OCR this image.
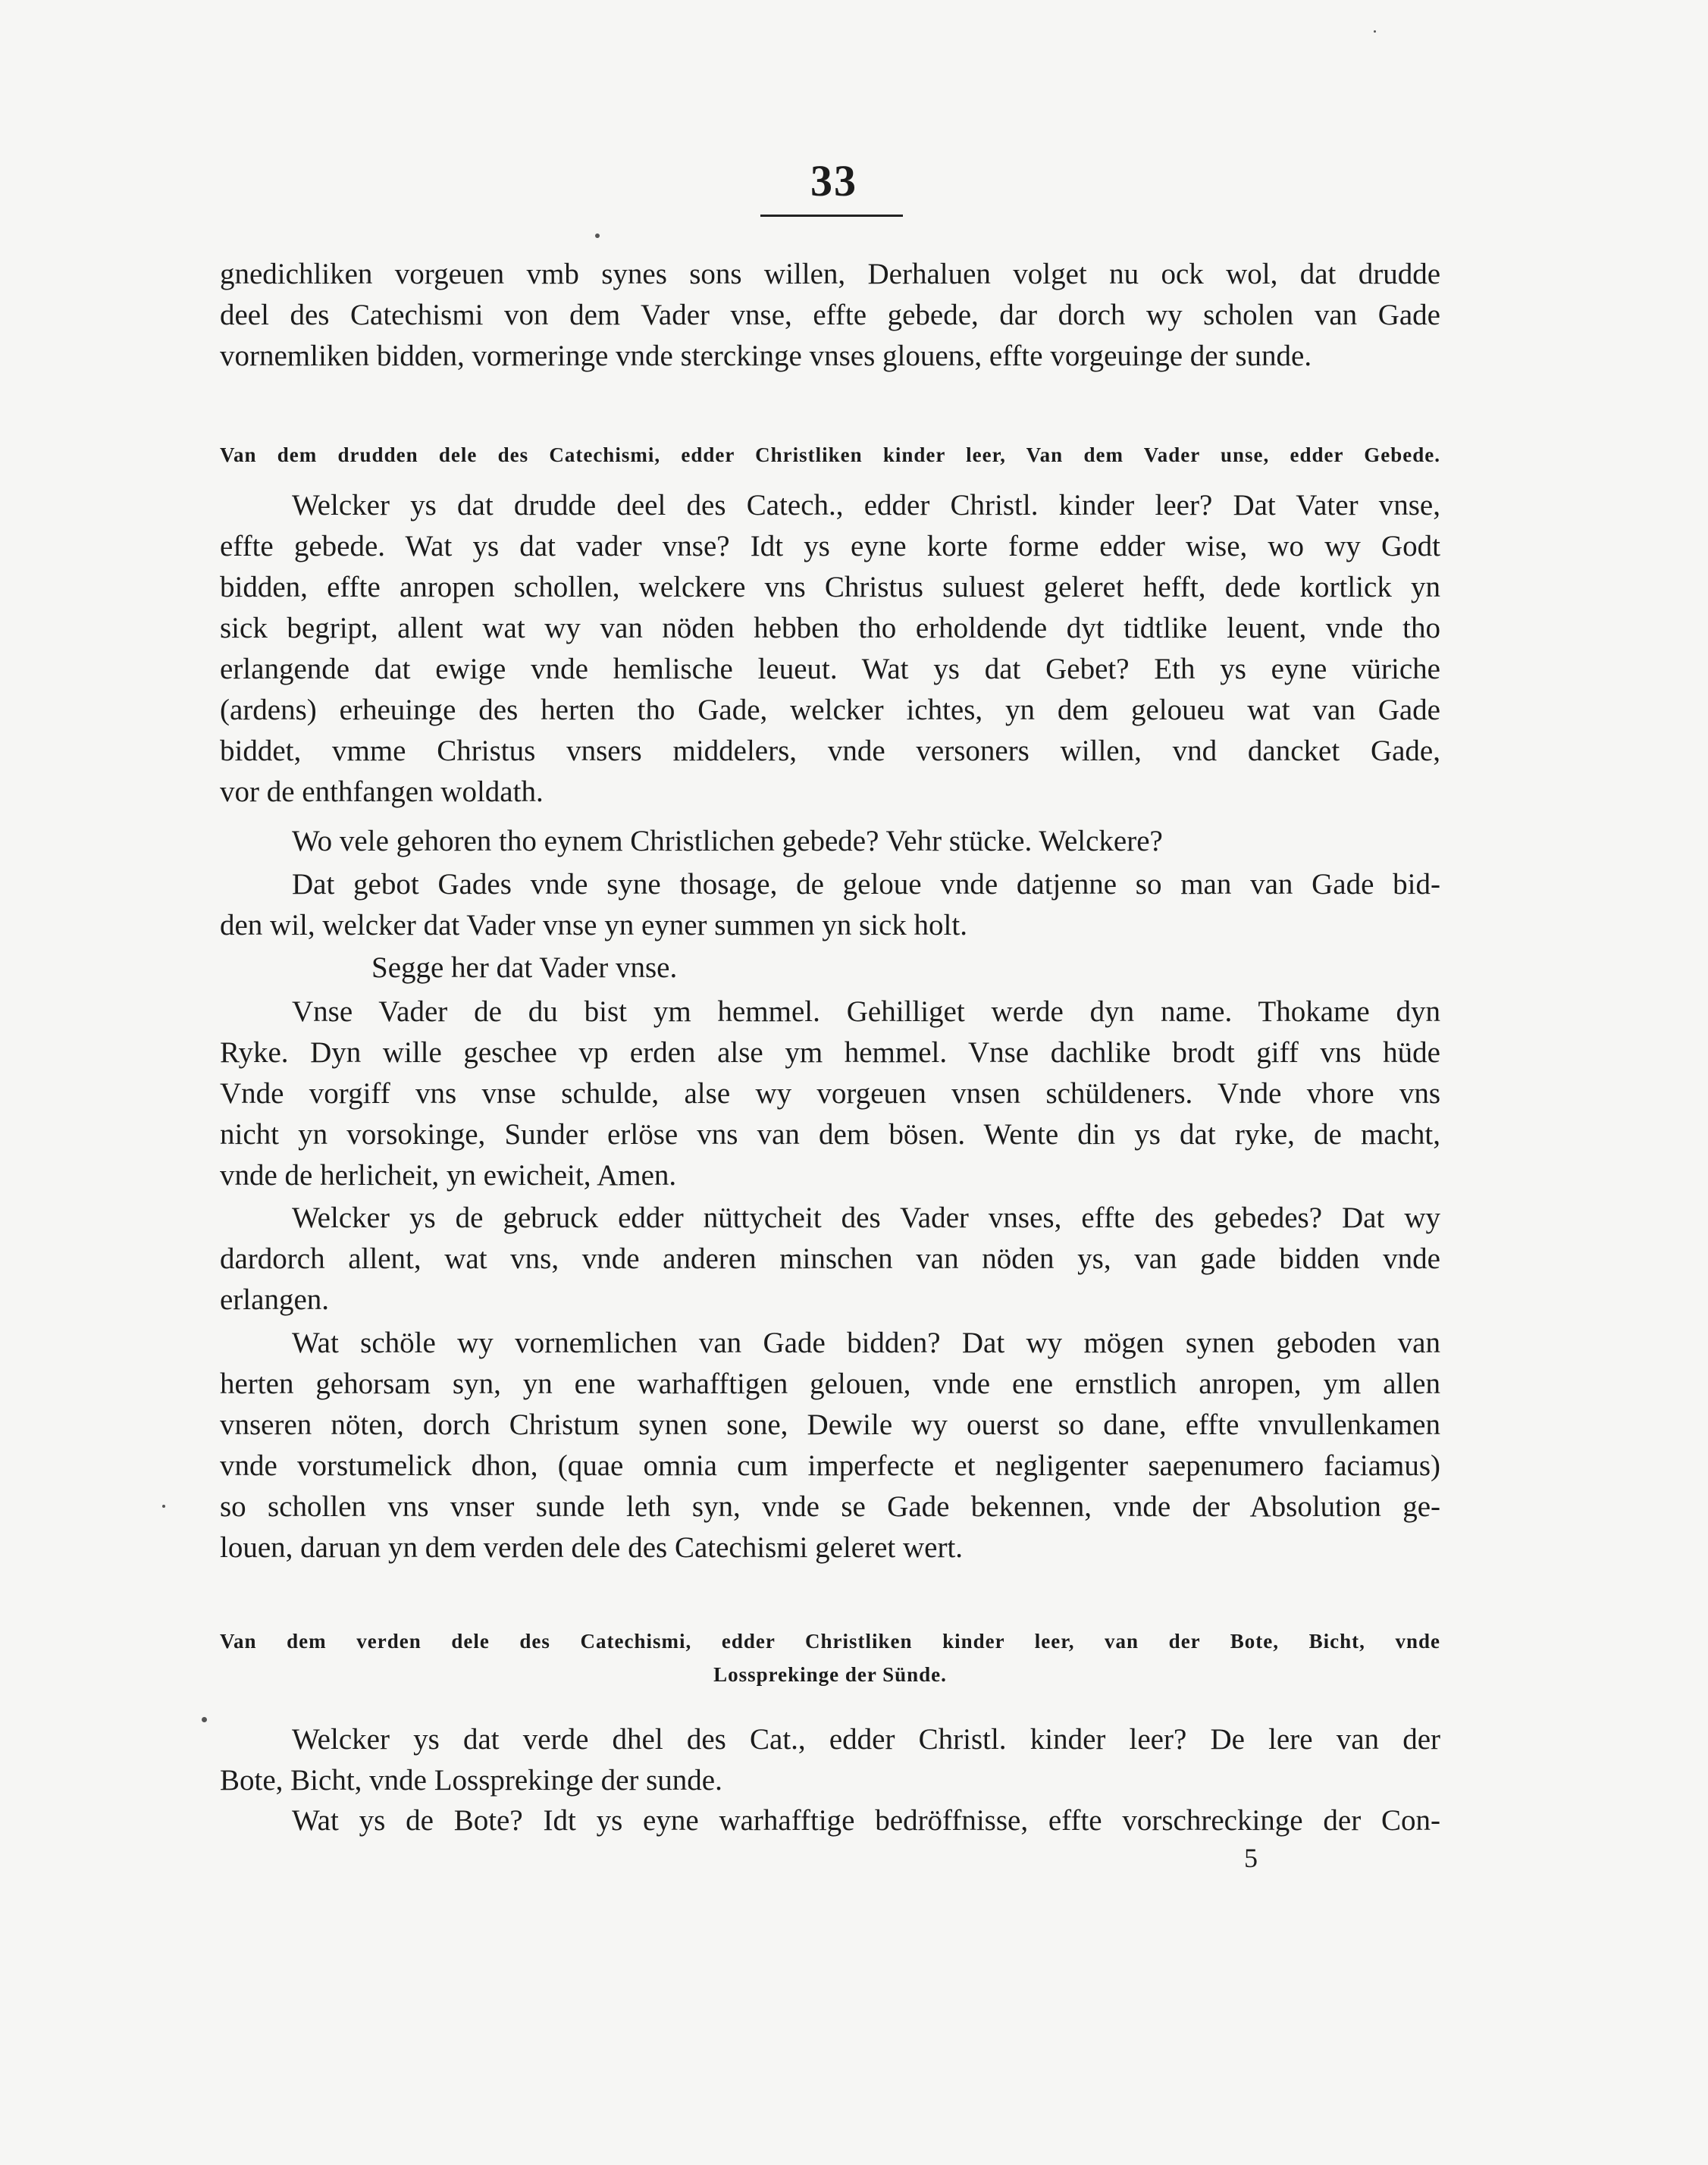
33
gnedichliken vorgeuen vmb synes sons willen, Derhaluen volget nu ock wol, dat drudde
deel des Catechismi von dem Vader vnse, effte gebede, dar dorch wy scholen van Gade
vornemliken bidden, vormeringe vnde sterckinge vnses glouens, effte vorgeuinge der sunde.
Van dem drudden dele des Catechismi, edder Christliken kinder leer, Van dem Vader unse, edder Gebede.
Welcker ys dat drudde deel des Catech., edder Christl. kinder leer? Dat Vater vnse,
effte gebede. Wat ys dat vader vnse? Idt ys eyne korte forme edder wise, wo wy Godt
bidden, effte anropen schollen, welckere vns Christus suluest geleret hefft, dede kortlick yn
sick begript, allent wat wy van nöden hebben tho erholdende dyt tidtlike leuent, vnde tho
erlangende dat ewige vnde hemlische leueut. Wat ys dat Gebet? Eth ys eyne vüriche
(ardens) erheuinge des herten tho Gade, welcker ichtes, yn dem geloueu wat van Gade
biddet, vmme Christus vnsers middelers, vnde versoners willen, vnd dancket Gade,
vor de enthfangen woldath.
Wo vele gehoren tho eynem Christlichen gebede? Vehr stücke. Welckere?
Dat gebot Gades vnde syne thosage, de geloue vnde datjenne so man van Gade bid-
den wil, welcker dat Vader vnse yn eyner summen yn sick holt.
Segge her dat Vader vnse.
Vnse Vader de du bist ym hemmel. Gehilliget werde dyn name. Thokame dyn
Ryke. Dyn wille geschee vp erden alse ym hemmel. Vnse dachlike brodt giff vns hüde
Vnde vorgiff vns vnse schulde, alse wy vorgeuen vnsen schüldeners. Vnde vhore vns
nicht yn vorsokinge, Sunder erlöse vns van dem bösen. Wente din ys dat ryke, de macht,
vnde de herlicheit, yn ewicheit, Amen.
Welcker ys de gebruck edder nüttycheit des Vader vnses, effte des gebedes? Dat wy
dardorch allent, wat vns, vnde anderen minschen van nöden ys, van gade bidden vnde
erlangen.
Wat schöle wy vornemlichen van Gade bidden? Dat wy mögen synen geboden van
herten gehorsam syn, yn ene warhafftigen gelouen, vnde ene ernstlich anropen, ym allen
vnseren nöten, dorch Christum synen sone, Dewile wy ouerst so dane, effte vnvullenkamen
vnde vorstumelick dhon, (quae omnia cum imperfecte et negligenter saepenumero faciamus)
so schollen vns vnser sunde leth syn, vnde se Gade bekennen, vnde der Absolution ge-
louen, daruan yn dem verden dele des Catechismi geleret wert.
Van dem verden dele des Catechismi, edder Christliken kinder leer, van der Bote, Bicht, vnde
Lossprekinge der Sünde.
Welcker ys dat verde dhel des Cat., edder Christl. kinder leer? De lere van der
Bote, Bicht, vnde Lossprekinge der sunde.
Wat ys de Bote? Idt ys eyne warhafftige bedröffnisse, effte vorschreckinge der Con-
5
